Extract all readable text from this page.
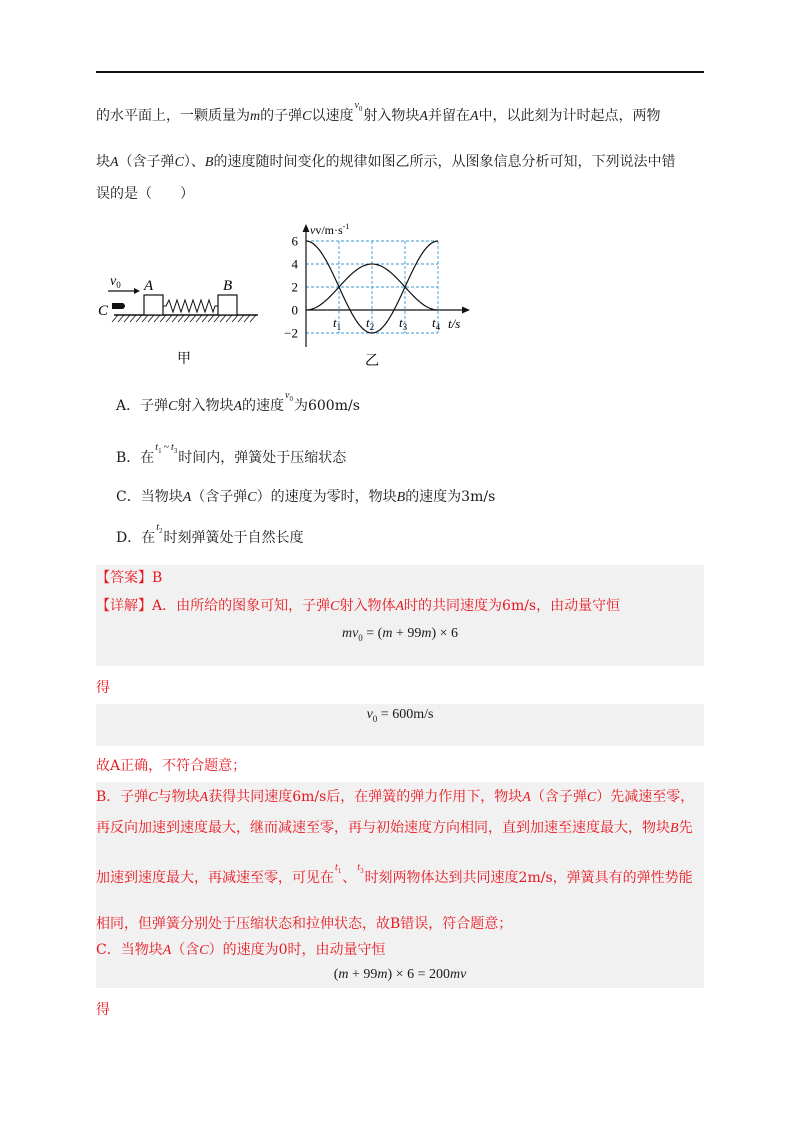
的水平面上，一颗质量为m的子弹C以速度$^{v_0}$射入物块A并留在A中，以此刻为计时起点，两物
块A（含子弹C）、B的速度随时间变化的规律如图乙所示，从图象信息分析可知，下列说法中错
误的是（　　）
$v_0$
C
A	B
甲
$vv/m\cdot s^{-1}$
6
4
2
0
−2
$t_1$ $t_2$ $t_3$ $t_4$ t/s
乙
A．子弹C射入物块A的速度$^{v_0}$为600m/s
B．在$^{t_1}$ ~ $^{t_3}$时间内，弹簧处于压缩状态
C．当物块A（含子弹C）的速度为零时，物块B的速度为3m/s
D．在$^{t_2}$时刻弹簧处于自然长度
【答案】B
【详解】A．由所给的图象可知，子弹C射入物体A时的共同速度为6m/s，由动量守恒
$mv_0 = (m + 99m) \times 6$
得
$v_0 = 600m/s$
故A正确，不符合题意；
B．子弹C与物块A获得共同速度6m/s后，在弹簧的弹力作用下，物块A（含子弹C）先减速至零，
再反向加速到速度最大，继而减速至零，再与初始速度方向相同，直到加速至速度最大，物块B先
加速到速度最大，再减速至零，可见在$^{t_1}$、$^{t_3}$时刻两物体达到共同速度2m/s，弹簧具有的弹性势能
相同，但弹簧分别处于压缩状态和拉伸状态，故B错误，符合题意；
C．当物块A（含C）的速度为0时，由动量守恒
(m + 99m) × 6 = 200mv
得
